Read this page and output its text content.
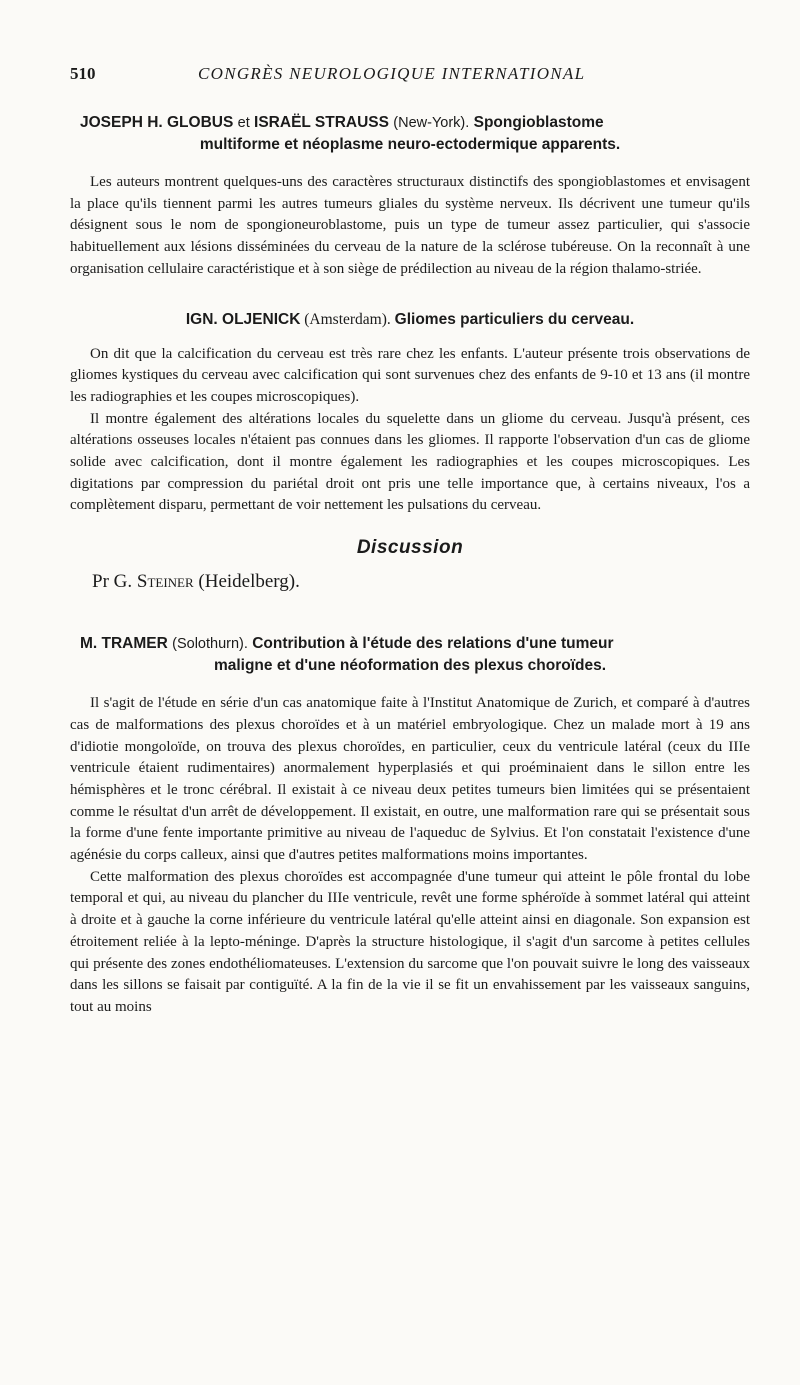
510	CONGRÈS NEUROLOGIQUE INTERNATIONAL

JOSEPH H. GLOBUS et ISRAËL STRAUSS (New-York). Spongioblastome

multiforme et néoplasme neuro-ectodermique apparents.

Les auteurs montrent quelques-uns des caractères structuraux distinctifs des spongioblastomes et envisagent la place qu'ils tiennent parmi les autres tumeurs gliales du système nerveux. Ils décrivent une tumeur qu'ils désignent sous le nom de spongioneuroblastome, puis un type de tumeur assez particulier, qui s'associe habituellement aux lésions disséminées du cerveau de la nature de la sclérose tubéreuse. On la reconnaît à une organisation cellulaire caractéristique et à son siège de prédilection au niveau de la région thalamo-striée.

IGN. OLJENICK (Amsterdam). Gliomes particuliers du cerveau.

On dit que la calcification du cerveau est très rare chez les enfants. L'auteur présente trois observations de gliomes kystiques du cerveau avec calcification qui sont survenues chez des enfants de 9-10 et 13 ans (il montre les radiographies et les coupes microscopiques).

Il montre également des altérations locales du squelette dans un gliome du cerveau. Jusqu'à présent, ces altérations osseuses locales n'étaient pas connues dans les gliomes. Il rapporte l'observation d'un cas de gliome solide avec calcification, dont il montre également les radiographies et les coupes microscopiques. Les digitations par compression du pariétal droit ont pris une telle importance que, à certains niveaux, l'os a complètement disparu, permettant de voir nettement les pulsations du cerveau.

Discussion

Pr G. Steiner (Heidelberg).

M. TRAMER (Solothurn). Contribution à l'étude des relations d'une tumeur

maligne et d'une néoformation des plexus choroïdes.

Il s'agit de l'étude en série d'un cas anatomique faite à l'Institut Anatomique de Zurich, et comparé à d'autres cas de malformations des plexus choroïdes et à un matériel embryologique. Chez un malade mort à 19 ans d'idiotie mongoloïde, on trouva des plexus choroïdes, en particulier, ceux du ventricule latéral (ceux du IIIe ventricule étaient rudimentaires) anormalement hyperplasiés et qui proéminaient dans le sillon entre les hémisphères et le tronc cérébral. Il existait à ce niveau deux petites tumeurs bien limitées qui se présentaient comme le résultat d'un arrêt de développement. Il existait, en outre, une malformation rare qui se présentait sous la forme d'une fente importante primitive au niveau de l'aqueduc de Sylvius. Et l'on constatait l'existence d'une agénésie du corps calleux, ainsi que d'autres petites malformations moins importantes.

Cette malformation des plexus choroïdes est accompagnée d'une tumeur qui atteint le pôle frontal du lobe temporal et qui, au niveau du plancher du IIIe ventricule, revêt une forme sphéroïde à sommet latéral qui atteint à droite et à gauche la corne inférieure du ventricule latéral qu'elle atteint ainsi en diagonale. Son expansion est étroitement reliée à la lepto-méninge. D'après la structure histologique, il s'agit d'un sarcome à petites cellules qui présente des zones endothéliomateuses. L'extension du sarcome que l'on pouvait suivre le long des vaisseaux dans les sillons se faisait par contiguïté. A la fin de la vie il se fit un envahissement par les vaisseaux sanguins, tout au moins
